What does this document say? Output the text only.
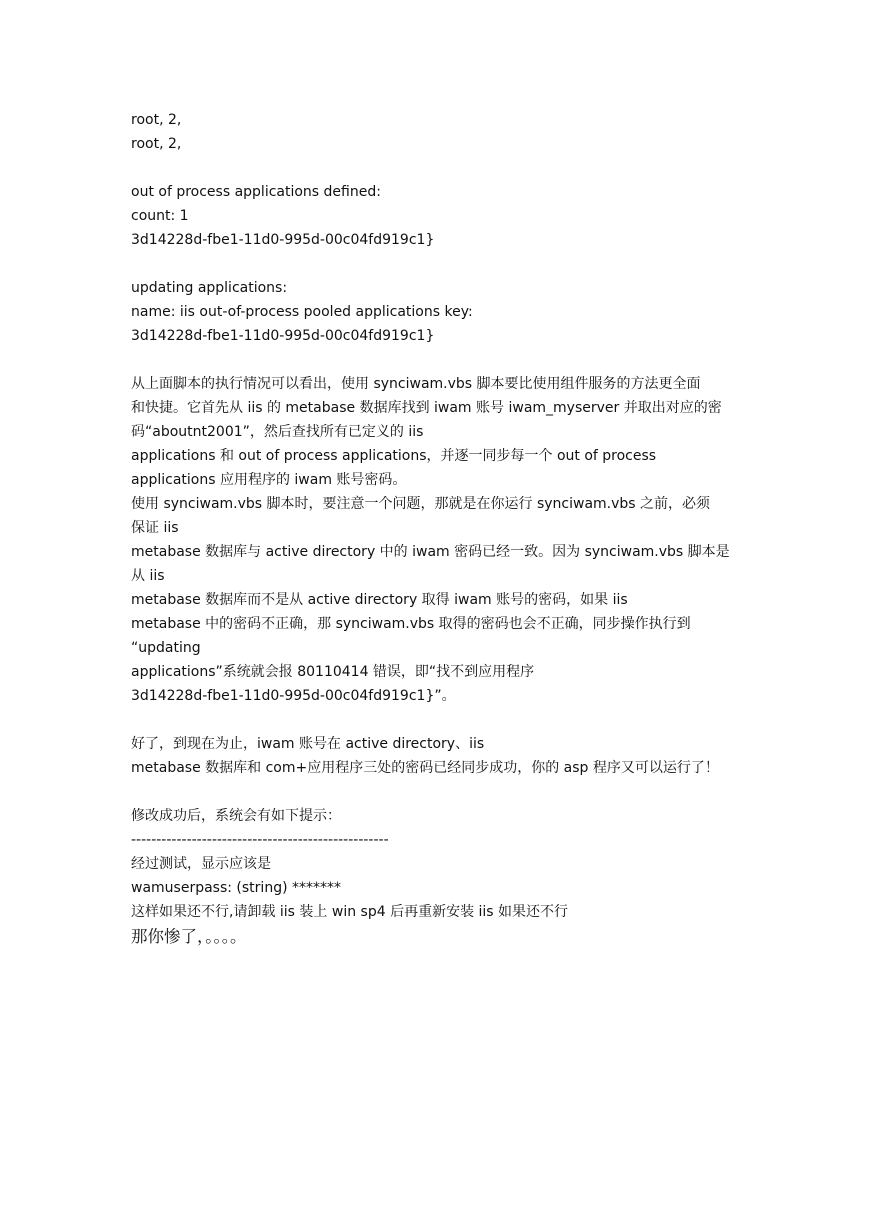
root, 2,
root, 2,
out of process applications defined:
count: 1
3d14228d-fbe1-11d0-995d-00c04fd919c1}
updating applications:
name: iis out-of-process pooled applications key:
3d14228d-fbe1-11d0-995d-00c04fd919c1}
从上面脚本的执行情况可以看出，使用 synciwam.vbs 脚本要比使用组件服务的方法更全面
和快捷。它首先从 iis 的 metabase 数据库找到 iwam 账号 iwam_myserver 并取出对应的密
码“aboutnt2001”，然后查找所有已定义的 iis
applications 和 out of process applications，并逐一同步每一个 out of process
applications 应用程序的 iwam 账号密码。
使用 synciwam.vbs 脚本时，要注意一个问题，那就是在你运行 synciwam.vbs 之前，必须
保证 iis
metabase 数据库与 active directory 中的 iwam 密码已经一致。因为 synciwam.vbs 脚本是
从 iis
metabase 数据库而不是从 active directory 取得 iwam 账号的密码，如果 iis
metabase 中的密码不正确，那 synciwam.vbs 取得的密码也会不正确，同步操作执行到
“updating
applications”系统就会报 80110414 错误，即“找不到应用程序
3d14228d-fbe1-11d0-995d-00c04fd919c1}”。
好了，到现在为止，iwam 账号在 active directory、iis
metabase 数据库和 com+应用程序三处的密码已经同步成功，你的 asp 程序又可以运行了！
修改成功后，系统会有如下提示：
---------------------------------------------------
经过测试，显示应该是
wamuserpass: (string) *******
这样如果还不行,请卸载 iis 装上 win sp4 后再重新安装 iis 如果还不行
那你惨了，。。。。
